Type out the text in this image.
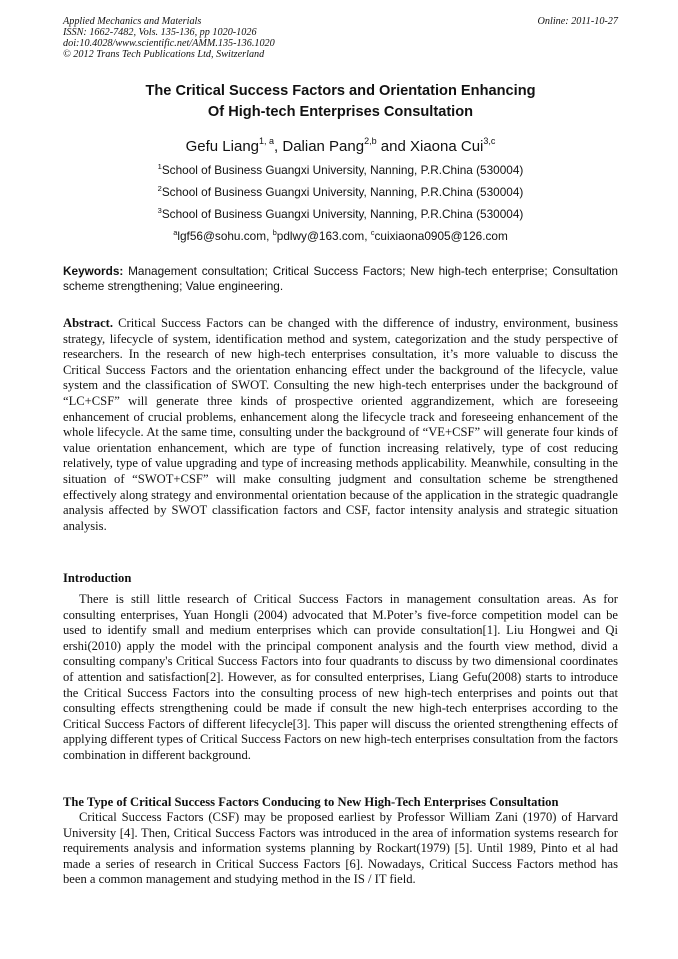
Applied Mechanics and Materials
ISSN: 1662-7482, Vols. 135-136, pp 1020-1026
doi:10.4028/www.scientific.net/AMM.135-136.1020
© 2012 Trans Tech Publications Ltd, Switzerland
Online: 2011-10-27
The Critical Success Factors and Orientation Enhancing
Of High-tech Enterprises Consultation
Gefu Liang$^{1, a}$, Dalian Pang$^{2,b}$ and Xiaona Cui$^{3,c}$
$^1$School of Business Guangxi University, Nanning, P.R.China (530004)
$^2$School of Business Guangxi University, Nanning, P.R.China (530004)
$^3$School of Business Guangxi University, Nanning, P.R.China (530004)
$^a$lgf56@sohu.com, $^b$pdlwy@163.com, $^c$cuixiaona0905@126.com
Keywords: Management consultation; Critical Success Factors; New high-tech enterprise; Consultation scheme strengthening; Value engineering.
Abstract. Critical Success Factors can be changed with the difference of industry, environment, business strategy, lifecycle of system, identification method and system, categorization and the study perspective of researchers. In the research of new high-tech enterprises consultation, it’s more valuable to discuss the Critical Success Factors and the orientation enhancing effect under the background of the lifecycle, value system and the classification of SWOT. Consulting the new high-tech enterprises under the background of “LC+CSF” will generate three kinds of prospective oriented aggrandizement, which are foreseeing enhancement of crucial problems, enhancement along the lifecycle track and foreseeing enhancement of the whole lifecycle. At the same time, consulting under the background of “VE+CSF” will generate four kinds of value orientation enhancement, which are type of function increasing relatively, type of cost reducing relatively, type of value upgrading and type of increasing methods applicability. Meanwhile, consulting in the situation of “SWOT+CSF” will make consulting judgment and consultation scheme be strengthened effectively along strategy and environmental orientation because of the application in the strategic quadrangle analysis affected by SWOT classification factors and CSF, factor intensity analysis and strategic situation analysis.
Introduction
There is still little research of Critical Success Factors in management consultation areas. As for consulting enterprises, Yuan Hongli (2004) advocated that M.Poter’s five-force competition model can be used to identify small and medium enterprises which can provide consultation[1]. Liu Hongwei and Qi ershi(2010) apply the model with the principal component analysis and the fourth view method, divid a consulting company's Critical Success Factors into four quadrants to discuss by two dimensional coordinates of attention and satisfaction[2]. However, as for consulted enterprises, Liang Gefu(2008) starts to introduce the Critical Success Factors into the consulting process of new high-tech enterprises and points out that consulting effects strengthening could be made if consult the new high-tech enterprises according to the Critical Success Factors of different lifecycle[3]. This paper will discuss the oriented strengthening effects of applying different types of Critical Success Factors on new high-tech enterprises consultation from the factors combination in different background.
The Type of Critical Success Factors Conducing to New High-Tech Enterprises Consultation
Critical Success Factors (CSF) may be proposed earliest by Professor William Zani (1970) of Harvard University [4]. Then, Critical Success Factors was introduced in the area of information systems research for requirements analysis and information systems planning by Rockart(1979) [5]. Until 1989, Pinto et al had made a series of research in Critical Success Factors [6]. Nowadays, Critical Success Factors method has been a common management and studying method in the IS / IT field.
